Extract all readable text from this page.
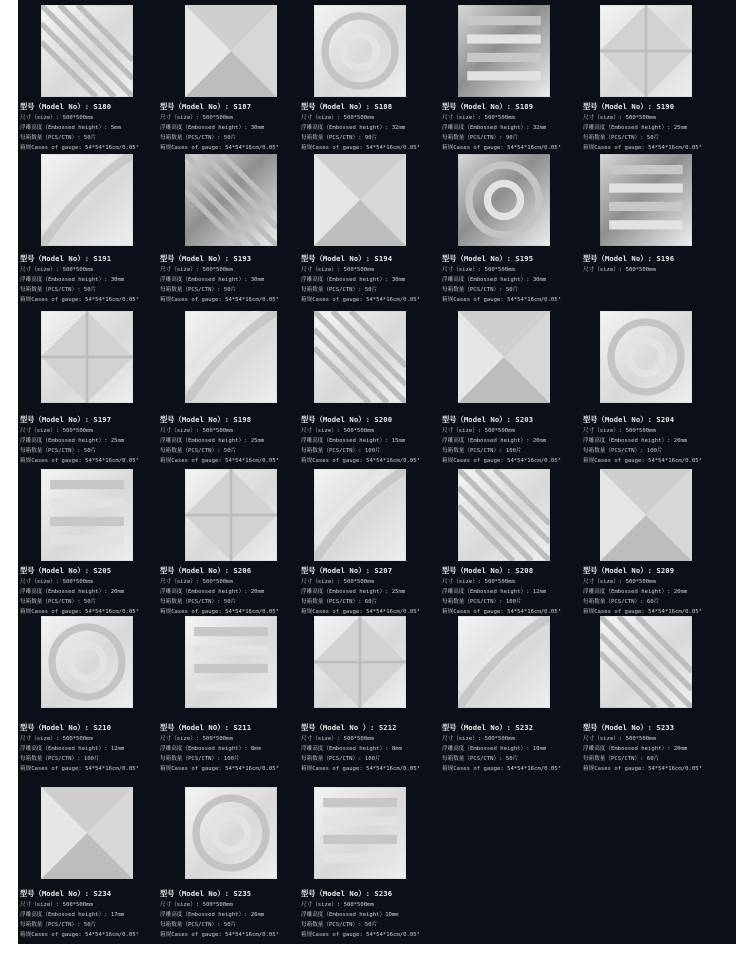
型号（Model No）: S180
尺寸（size）: 500*500mm
浮雕高度（Embossed height）: 5mm
每箱数量（PCS/CTN）: 50片
箱规Cases of gauge: 54*54*16cm/0.05³
型号（Model No）: S187
尺寸（size）: 500*500mm
浮雕高度（Embossed height）: 30mm
每箱数量（PCS/CTN）: 50片
箱规Cases of gauge: 54*54*16cm/0.05³
型号（Model No）: S188
尺寸（size）: 500*500mm
浮雕高度（Embossed height）: 32mm
每箱数量（PCS/CTN）: 90片
箱规Cases of gauge: 54*54*16cm/0.05³
型号（Model No）: S189
尺寸（size）: 500*500mm
浮雕高度（Embossed height）: 32mm
每箱数量（PCS/CTN）: 90片
箱规Cases of gauge: 54*54*16cm/0.05³
型号（Model No）: S190
尺寸（size）: 500*500mm
浮雕高度（Embossed height）: 25mm
每箱数量（PCS/CTN）: 50片
箱规Cases of gauge: 54*54*16cm/0.05³
型号（Model No）: S191
尺寸（size）: 500*500mm
浮雕高度（Embossed height）: 30mm
每箱数量（PCS/CTN）: 50片
箱规Cases of gauge: 54*54*16cm/0.05³
型号（Model No）: S193
尺寸（size）: 500*500mm
浮雕高度（Embossed height）: 30mm
每箱数量（PCS/CTN）: 50片
箱规Cases of gauge: 54*54*16cm/0.05³
型号（Model No）: S194
尺寸（size）: 500*500mm
浮雕高度（Embossed height）: 30mm
每箱数量（PCS/CTN）: 50片
箱规Cases of gauge: 54*54*16cm/0.05³
型号（Model No）: S195
尺寸（size）: 500*500mm
浮雕高度（Embossed height）: 30mm
每箱数量（PCS/CTN）: 50片
箱规Cases of gauge: 54*54*16cm/0.05³
型号（Model No）: S196
尺寸（size）: 500*500mm
型号（Model No）: S197
尺寸（size）: 500*500mm
浮雕高度（Embossed height）: 25mm
每箱数量（PCS/CTN）: 50片
箱规Cases of gauge: 54*54*16cm/0.05³
型号（Model No）: S198
尺寸（size）: 500*500mm
浮雕高度（Embossed height）: 25mm
每箱数量（PCS/CTN）: 50片
箱规Cases of gauge: 54*54*16cm/0.05³
型号（Model No）: S200
尺寸（size）: 500*500mm
浮雕高度（Embossed height）: 15mm
每箱数量（PCS/CTN）: 100片
箱规Cases of gauge: 54*54*16cm/0.05³
型号（Model No）: S203
尺寸（size）: 500*500mm
浮雕高度（Embossed height）: 20mm
每箱数量（PCS/CTN）: 100片
箱规Cases of gauge: 54*54*16cm/0.05³
型号（Model No）: S204
尺寸（size）: 500*500mm
浮雕高度（Embossed height）: 20mm
每箱数量（PCS/CTN）: 100片
箱规Cases of gauge: 54*54*16cm/0.05³
型号（Model No）: S205
尺寸（size）: 500*500mm
浮雕高度（Embossed height）: 20mm
每箱数量（PCS/CTN）: 50片
箱规Cases of gauge: 54*54*16cm/0.05³
型号（Model No）: S206
尺寸（size）: 500*500mm
浮雕高度（Embossed height）: 20mm
每箱数量（PCS/CTN）: 50片
箱规Cases of gauge: 54*54*16cm/0.05³
型号（Model No）: S207
尺寸（size）: 500*500mm
浮雕高度（Embossed height）: 25mm
每箱数量（PCS/CTN）: 60片
箱规Cases of gauge: 54*54*16cm/0.05³
型号（Model No）: S208
尺寸（size）: 500*500mm
浮雕高度（Embossed height）: 12mm
每箱数量（PCS/CTN）: 100片
箱规Cases of gauge: 54*54*16cm/0.05³
型号（Model No）: S209
尺寸（size）: 500*500mm
浮雕高度（Embossed height）: 20mm
每箱数量（PCS/CTN）: 60片
箱规Cases of gauge: 54*54*16cm/0.05³
型号（Model No）: S210
尺寸（size）: 500*500mm
浮雕高度（Embossed height）: 12mm
每箱数量（PCS/CTN）: 100片
箱规Cases of gauge: 54*54*16cm/0.05³
型号（Model NO）: S211
尺寸（size）: 500*500mm
浮雕高度（Embossed height）: 8mm
每箱数量（PCS/CTN）: 100片
箱规Cases of gauge: 54*54*16cm/0.05³
型号（Model No ）: S212
尺寸（size）: 500*500mm
浮雕高度（Embossed height）: 8mm
每箱数量（PCS/CTN）: 100片
箱规Cases of gauge: 54*54*16cm/0.05³
型号（Model No）: S232
尺寸（size）: 500*500mm
浮雕高度（Embossed height）: 10mm
每箱数量（PCS/CTN）: 50片
箱规Cases of gauge: 54*54*16cm/0.05³
型号（Model No）: S233
尺寸（size）: 500*500mm
浮雕高度（Embossed height）: 20mm
每箱数量（PCS/CTN）: 60片
箱规Cases of gauge: 54*54*16cm/0.05³
型号（Model No）: S234
尺寸（size）: 500*500mm
浮雕高度（Embossed height）: 17mm
每箱数量（PCS/CTN）: 50片
箱规Cases of gauge: 54*54*16cm/0.05³
型号（Model No）: S235
尺寸（size）: 500*500mm
浮雕高度（Embossed height）: 26mm
每箱数量（PCS/CTN）: 50片
箱规Cases of gauge: 54*54*16cm/0.05³
型号（Model No）: S236
尺寸（size）: 500*500mm
浮雕高度（Embossed height）10mm
每箱数量（PCS/CTN）: 50片
箱规Cases of gauge: 54*54*16cm/0.05³
